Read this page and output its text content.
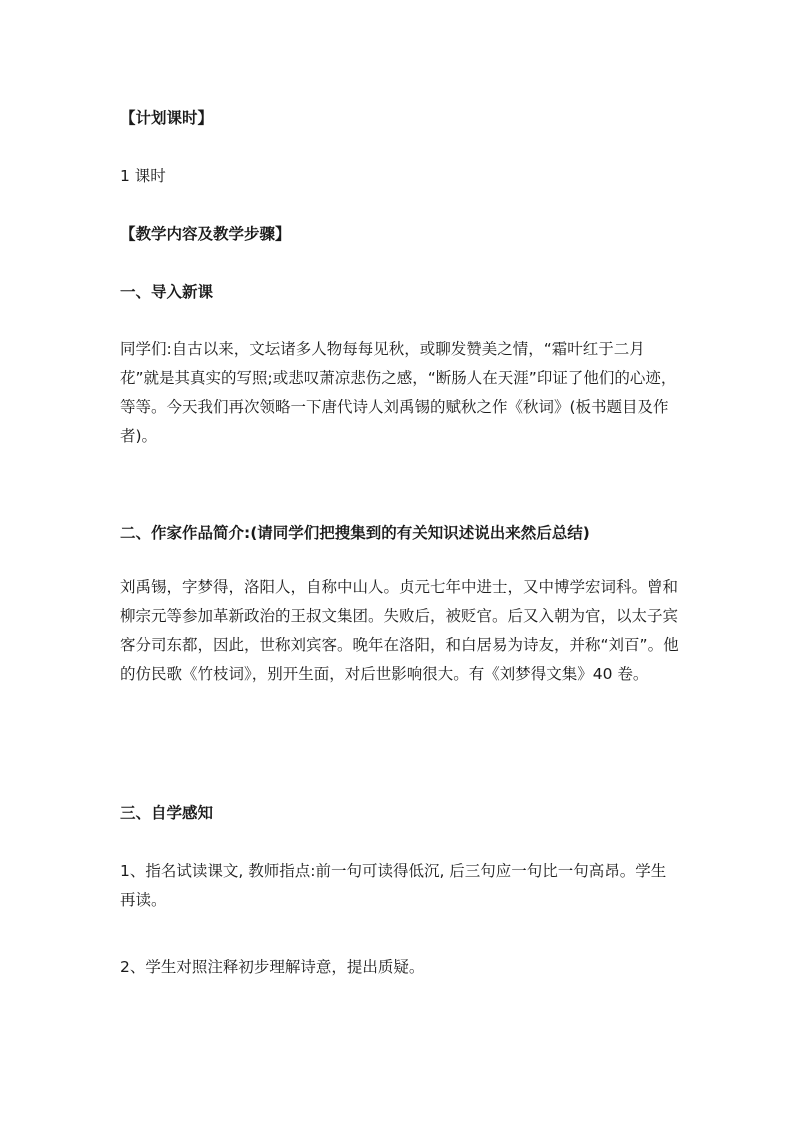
【计划课时】

1 课时

【教学内容及教学步骤】

一、导入新课

同学们:自古以来，文坛诸多人物每每见秋，或聊发赞美之情，“霜叶红于二月花”就是其真实的写照;或悲叹萧凉悲伤之感，“断肠人在天涯”印证了他们的心迹，等等。今天我们再次领略一下唐代诗人刘禹锡的赋秋之作《秋词》(板书题目及作者)。

二、作家作品简介:(请同学们把搜集到的有关知识述说出来然后总结)

刘禹锡，字梦得，洛阳人，自称中山人。贞元七年中进士，又中博学宏词科。曾和柳宗元等参加革新政治的王叔文集团。失败后，被贬官。后又入朝为官，以太子宾客分司东都，因此，世称刘宾客。晚年在洛阳，和白居易为诗友，并称“刘百”。他的仿民歌《竹枝词》，别开生面，对后世影响很大。有《刘梦得文集》40 卷。

三、自学感知

1、指名试读课文, 教师指点:前一句可读得低沉, 后三句应一句比一句高昂。学生再读。

2、学生对照注释初步理解诗意，提出质疑。
